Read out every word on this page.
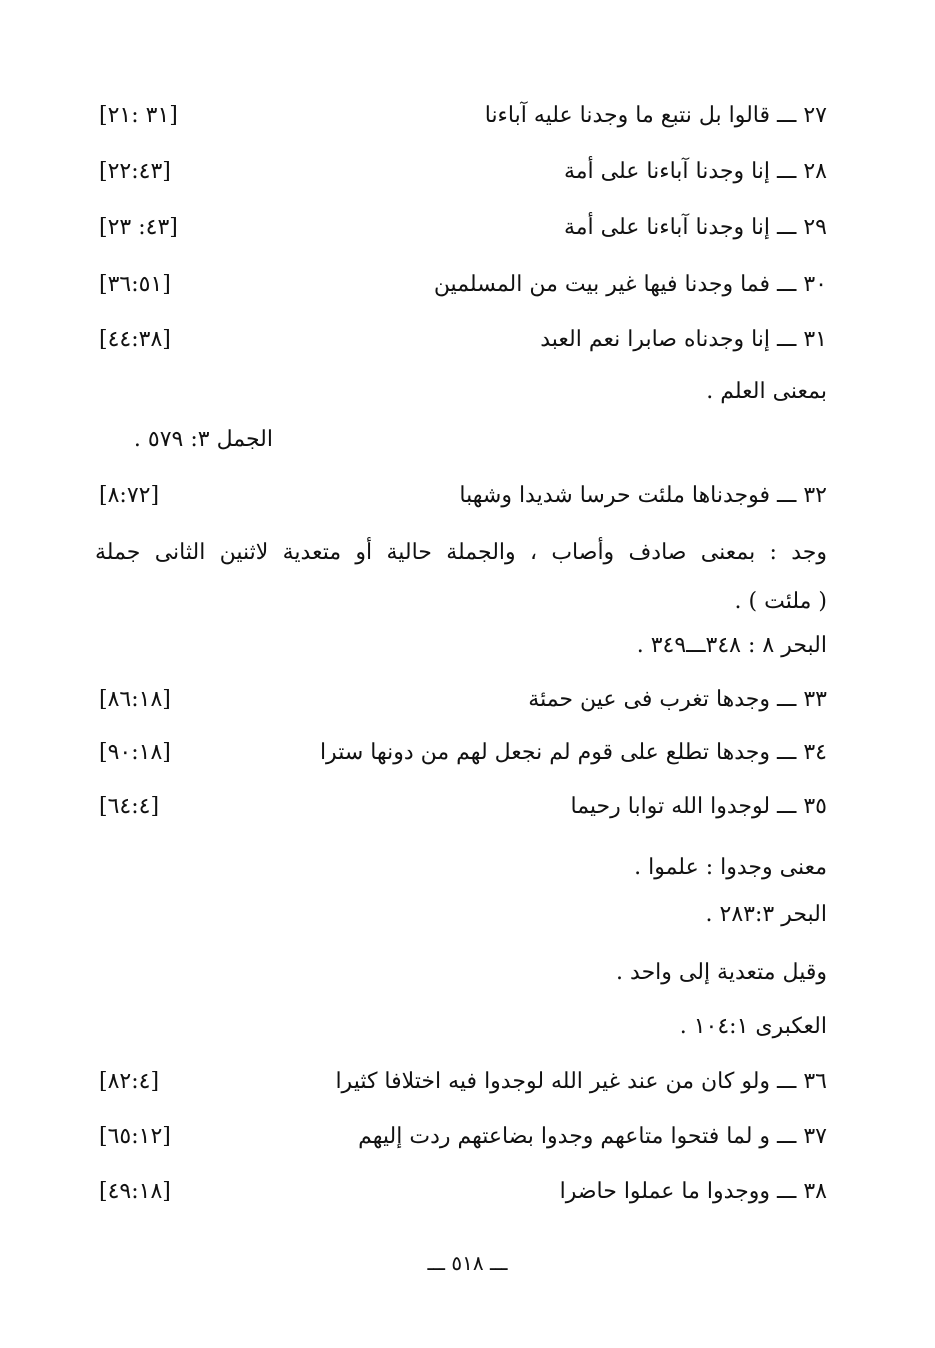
٢٧ ـــ قالوا بل نتبع ما وجدنا عليه آباءنا
[٣١ :٢١]
٢٨ ـــ إنا وجدنا آباءنا على أمة
[٢٢:٤٣]
٢٩ ـــ إنا وجدنا آباءنا على أمة
[٤٣: ٢٣]
٣٠ ـــ فما وجدنا فيها غير بيت من المسلمين
[٣٦:٥١]
٣١ ـــ إنا وجدناه صابرا نعم العبد
[٤٤:٣٨]
بمعنى العلم .
الجمل ٣: ٥٧٩ .
٣٢ ـــ فوجدناها ملئت حرسا شديدا وشهبا
[٨:٧٢]
وجد : بمعنى صادف وأصاب ، والجملة حالية أو متعدية لاثنين الثانى جملة
( ملئت ) .
البحر ٨ : ٣٤٨ـــ٣٤٩ .
٣٣ ـــ وجدها تغرب فى عين حمئة
[٨٦:١٨]
٣٤ ـــ وجدها تطلع على قوم لم نجعل لهم من دونها سترا
[٩٠:١٨]
٣٥ ـــ لوجدوا الله توابا رحيما
[٦٤:٤]
معنى وجدوا : علموا .
البحر ٢٨٣:٣ .
وقيل متعدية إلى واحد .
العكبرى ١٠٤:١ .
٣٦ ـــ ولو كان من عند غير الله لوجدوا فيه اختلافا كثيرا
[٨٢:٤]
٣٧ ـــ و لما فتحوا متاعهم وجدوا بضاعتهم ردت إليهم
[٦٥:١٢]
٣٨ ـــ ووجدوا ما عملوا حاضرا
[٤٩:١٨]
ـــ ٥١٨ ـــ
